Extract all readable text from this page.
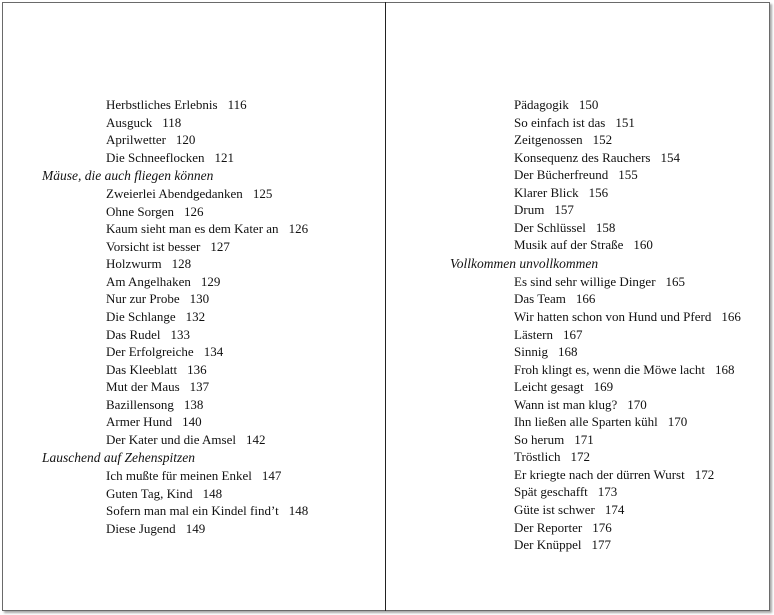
Herbstliches Erlebnis 116
Ausguck 118
Aprilwetter 120
Die Schneeflocken 121
Mäuse, die auch fliegen können
Zweierlei Abendgedanken 125
Ohne Sorgen 126
Kaum sieht man es dem Kater an 126
Vorsicht ist besser 127
Holzwurm 128
Am Angelhaken 129
Nur zur Probe 130
Die Schlange 132
Das Rudel 133
Der Erfolgreiche 134
Das Kleeblatt 136
Mut der Maus 137
Bazillensong 138
Armer Hund 140
Der Kater und die Amsel 142
Lauschend auf Zehenspitzen
Ich mußte für meinen Enkel 147
Guten Tag, Kind 148
Sofern man mal ein Kindel find’t 148
Diese Jugend 149
Pädagogik 150
So einfach ist das 151
Zeitgenossen 152
Konsequenz des Rauchers 154
Der Bücherfreund 155
Klarer Blick 156
Drum 157
Der Schlüssel 158
Musik auf der Straße 160
Vollkommen unvollkommen
Es sind sehr willige Dinger 165
Das Team 166
Wir hatten schon von Hund und Pferd 166
Lästern 167
Sinnig 168
Froh klingt es, wenn die Möwe lacht 168
Leicht gesagt 169
Wann ist man klug? 170
Ihn ließen alle Sparten kühl 170
So herum 171
Tröstlich 172
Er kriegte nach der dürren Wurst 172
Spät geschafft 173
Güte ist schwer 174
Der Reporter 176
Der Knüppel 177
